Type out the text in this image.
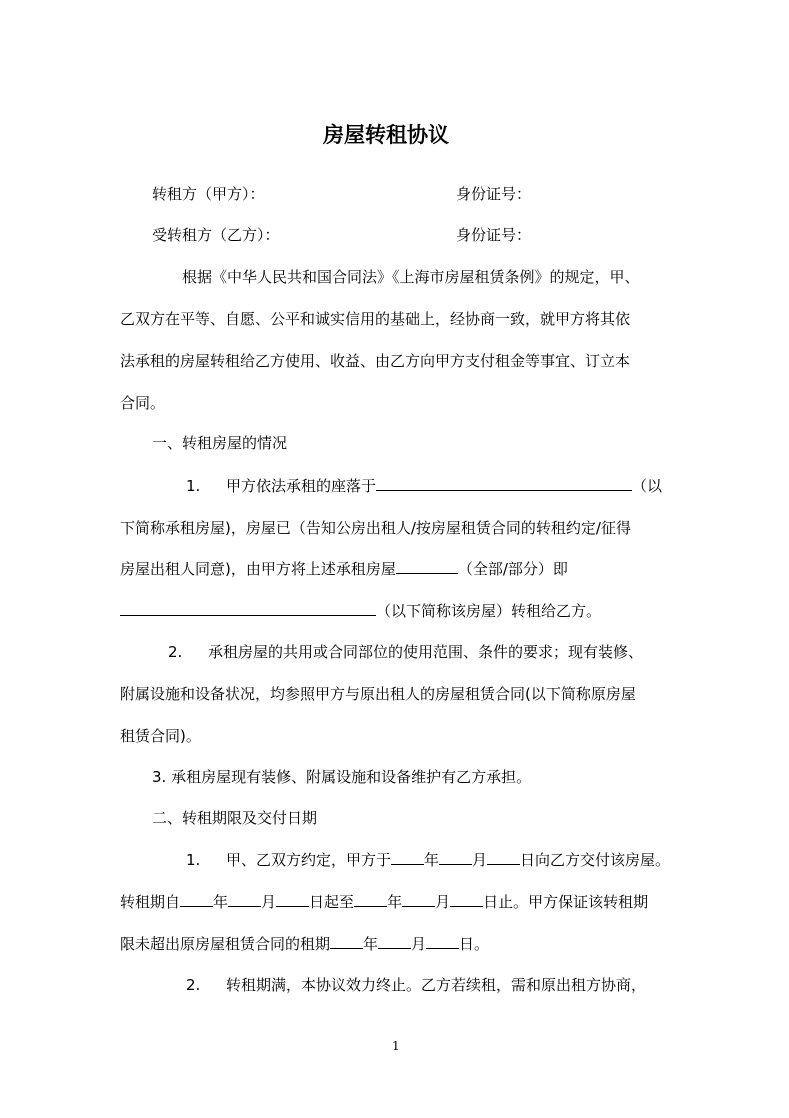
房屋转租协议
转租方（甲方）：	身份证号：
受转租方（乙方）：	身份证号：
根据《中华人民共和国合同法》《上海市房屋租赁条例》的规定，甲、
乙双方在平等、自愿、公平和诚实信用的基础上，经协商一致，就甲方将其依
法承租的房屋转租给乙方使用、收益、由乙方向甲方支付租金等事宜、订立本
合同。
一、转租房屋的情况
1. 甲方依法承租的座落于	（以
下简称承租房屋)，房屋已（告知公房出租人/按房屋租赁合同的转租约定/征得
房屋出租人同意)，由甲方将上述承租房屋	（全部/部分）即
（以下简称该房屋）转租给乙方。
2. 承租房屋的共用或合同部位的使用范围、条件的要求；现有装修、
附属设施和设备状况，均参照甲方与原出租人的房屋租赁合同(以下简称原房屋
租赁合同)。
3. 承租房屋现有装修、附属设施和设备维护有乙方承担。
二、转租期限及交付日期
1. 甲、乙双方约定，甲方于 年 月 日向乙方交付该房屋。
转租期自 年 月 日起至 年 月 日止。甲方保证该转租期
限未超出原房屋租赁合同的租期 年 月 日。
2. 转租期满，本协议效力终止。乙方若续租，需和原出租方协商，
1
